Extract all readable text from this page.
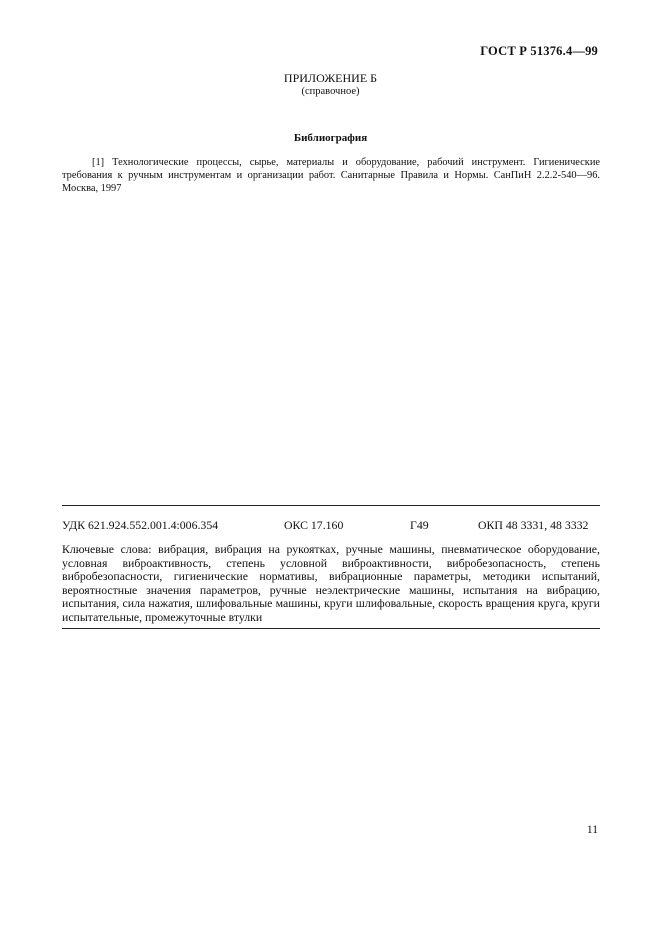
ГОСТ Р 51376.4—99
ПРИЛОЖЕНИЕ Б
(справочное)
Библиография
[1] Технологические процессы, сырье, материалы и оборудование, рабочий инструмент. Гигиенические требования к ручным инструментам и организации работ. Санитарные Правила и Нормы. СанПиН 2.2.2-540—96. Москва, 1997
УДК 621.924.552.001.4:006.354	ОКС 17.160	Г49	ОКП 48 3331, 48 3332
Ключевые слова: вибрация, вибрация на рукоятках, ручные машины, пневматическое оборудование, условная виброактивность, степень условной виброактивности, вибробезопасность, степень вибробезопасности, гигиенические нормативы, вибрационные параметры, методики испытаний, вероятностные значения параметров, ручные неэлектрические машины, испытания на вибрацию, испытания, сила нажатия, шлифовальные машины, круги шлифовальные, скорость вращения круга, круги испытательные, промежуточные втулки
11
